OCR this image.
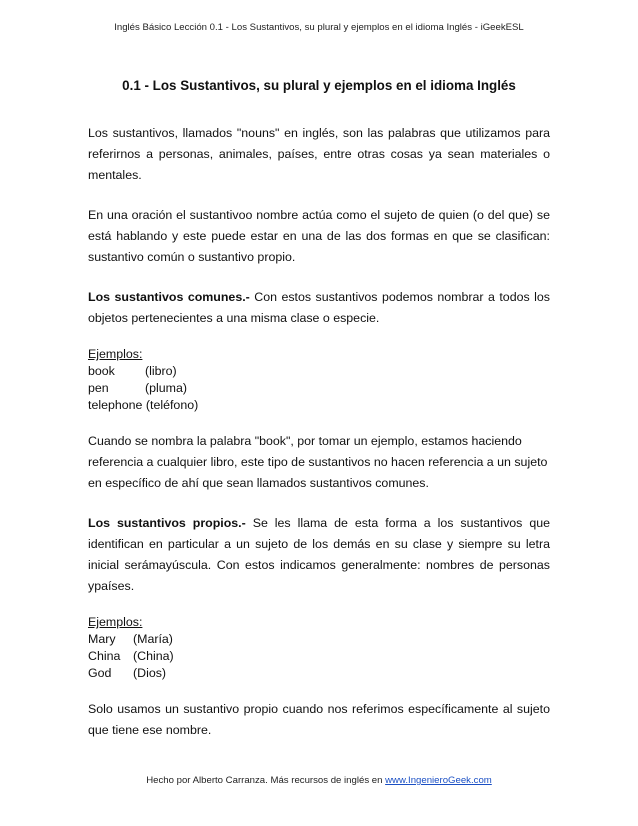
Inglés Básico Lección 0.1 - Los Sustantivos, su plural y ejemplos en el idioma Inglés - iGeekESL
0.1 - Los Sustantivos, su plural y ejemplos en el idioma Inglés

Los sustantivos, llamados "nouns" en inglés, son las palabras que utilizamos para referirnos a personas, animales, países, entre otras cosas ya sean materiales o mentales.

En una oración el sustantivoo nombre actúa como el sujeto de quien (o del que) se está hablando y este puede estar en una de las dos formas en que se clasifican: sustantivo común o sustantivo propio.

Los sustantivos comunes.- Con estos sustantivos podemos nombrar a todos los objetos pertenecientes a una misma clase o especie.

Ejemplos:
book (libro)
pen	(pluma)
telephone (teléfono)

Cuando se nombra la palabra "book", por tomar un ejemplo, estamos haciendo referencia a cualquier libro, este tipo de sustantivos no hacen referencia a un sujeto en específico de ahí que sean llamados sustantivos comunes.

Los sustantivos propios.- Se les llama de esta forma a los sustantivos que identifican en particular a un sujeto de los demás en su clase y siempre su letra inicial serámayúscula. Con estos indicamos generalmente: nombres de personas ypaíses.

Ejemplos:
Mary (María)
China (China)
God (Dios)

Solo usamos un sustantivo propio cuando nos referimos específicamente al sujeto que tiene ese nombre.

Hecho por Alberto Carranza. Más recursos de inglés en www.IngenieroGeek.com
